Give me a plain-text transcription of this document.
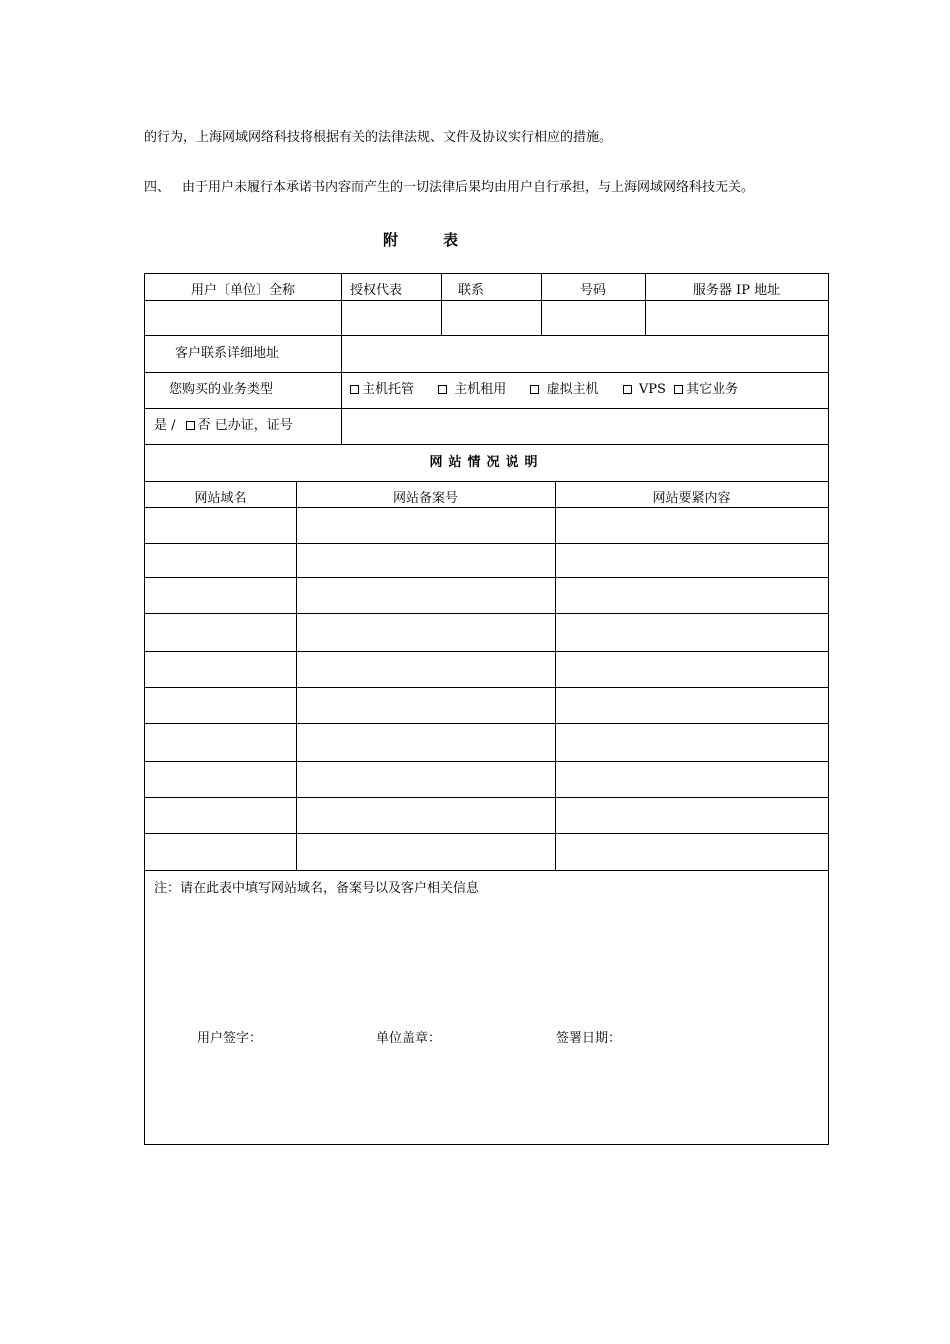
的行为，上海网域网络科技将根据有关的法律法规、文件及协议实行相应的措施。
四、 由于用户未履行本承诺书内容而产生的一切法律后果均由用户自行承担，与上海网域网络科技无关。
附	表
用户〔单位〕全称	授权代表	联系	号码	服务器 IP 地址
客户联系详细地址
您购买的业务类型	主机托管	主机租用	虚拟主机	VPS 其它业务
是 / 否 已办证，证号
网站情况说明
网站域名	网站备案号	网站要紧内容
注：请在此表中填写网站域名，备案号以及客户相关信息
用户签字：	单位盖章：	签署日期：
